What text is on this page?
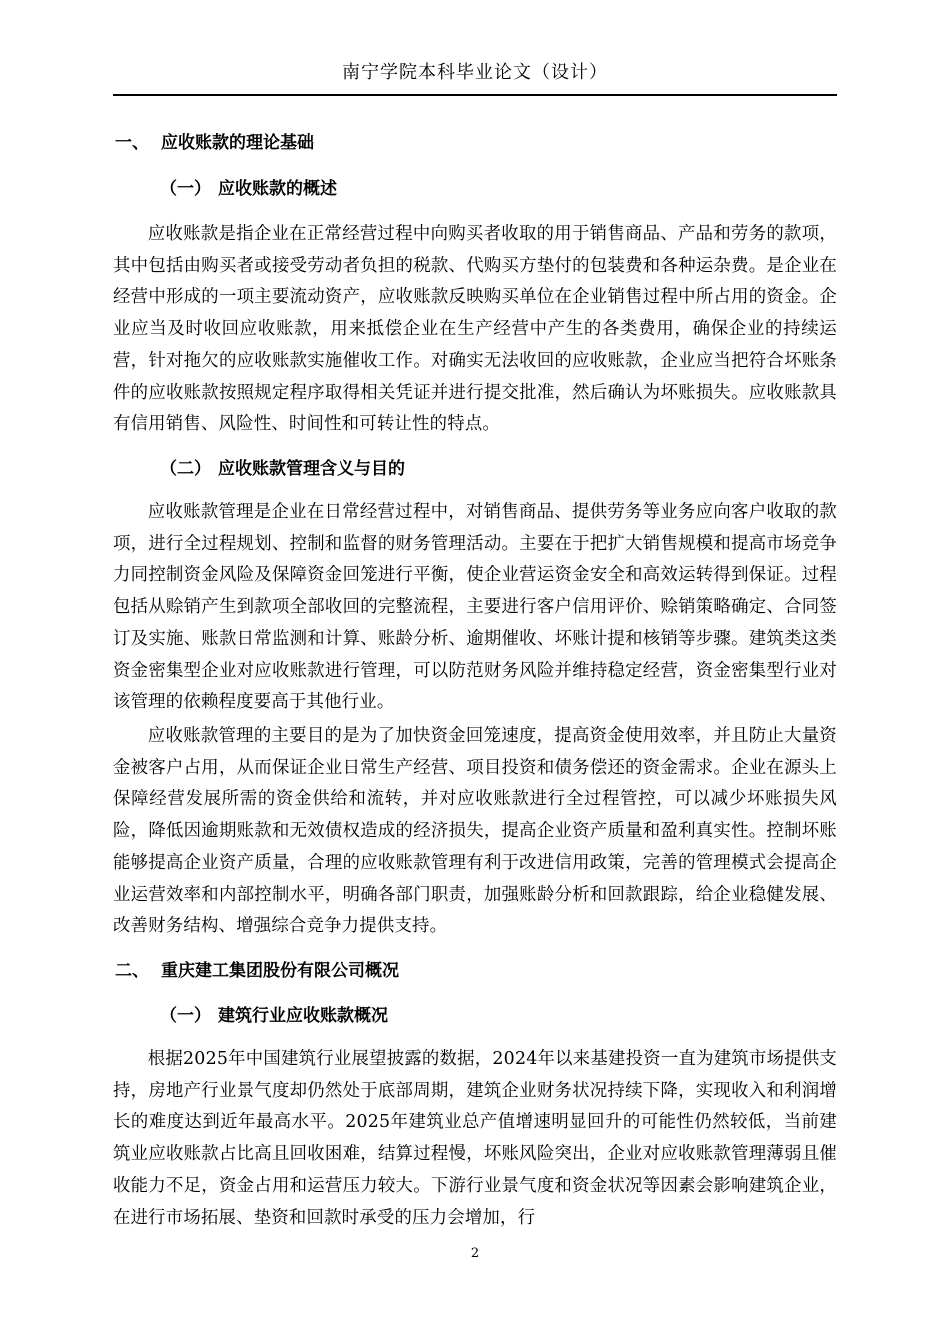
南宁学院本科毕业论文（设计）
一、 应收账款的理论基础
（一） 应收账款的概述

应收账款是指企业在正常经营过程中向购买者收取的用于销售商品、产品和劳务的款项，其中包括由购买者或接受劳动者负担的税款、代购买方垫付的包装费和各种运杂费。是企业在经营中形成的一项主要流动资产，应收账款反映购买单位在企业销售过程中所占用的资金。企业应当及时收回应收账款，用来抵偿企业在生产经营中产生的各类费用，确保企业的持续运营，针对拖欠的应收账款实施催收工作。对确实无法收回的应收账款，企业应当把符合坏账条件的应收账款按照规定程序取得相关凭证并进行提交批准，然后确认为坏账损失。应收账款具有信用销售、风险性、时间性和可转让性的特点。

（二） 应收账款管理含义与目的

应收账款管理是企业在日常经营过程中，对销售商品、提供劳务等业务应向客户收取的款项，进行全过程规划、控制和监督的财务管理活动。主要在于把扩大销售规模和提高市场竞争力同控制资金风险及保障资金回笼进行平衡，使企业营运资金安全和高效运转得到保证。过程包括从赊销产生到款项全部收回的完整流程，主要进行客户信用评价、赊销策略确定、合同签订及实施、账款日常监测和计算、账龄分析、逾期催收、坏账计提和核销等步骤。建筑类这类资金密集型企业对应收账款进行管理，可以防范财务风险并维持稳定经营，资金密集型行业对该管理的依赖程度要高于其他行业。

应收账款管理的主要目的是为了加快资金回笼速度，提高资金使用效率，并且防止大量资金被客户占用，从而保证企业日常生产经营、项目投资和债务偿还的资金需求。企业在源头上保障经营发展所需的资金供给和流转，并对应收账款进行全过程管控，可以减少坏账损失风险，降低因逾期账款和无效债权造成的经济损失，提高企业资产质量和盈利真实性。控制坏账能够提高企业资产质量，合理的应收账款管理有利于改进信用政策，完善的管理模式会提高企业运营效率和内部控制水平，明确各部门职责，加强账龄分析和回款跟踪，给企业稳健发展、改善财务结构、增强综合竞争力提供支持。

二、 重庆建工集团股份有限公司概况
（一） 建筑行业应收账款概况

根据2025年中国建筑行业展望披露的数据，2024年以来基建投资一直为建筑市场提供支持，房地产行业景气度却仍然处于底部周期，建筑企业财务状况持续下降，实现收入和利润增长的难度达到近年最高水平。2025年建筑业总产值增速明显回升的可能性仍然较低，当前建筑业应收账款占比高且回收困难，结算过程慢，坏账风险突出，企业对应收账款管理薄弱且催收能力不足，资金占用和运营压力较大。下游行业景气度和资金状况等因素会影响建筑企业，在进行市场拓展、垫资和回款时承受的压力会增加，行

2
